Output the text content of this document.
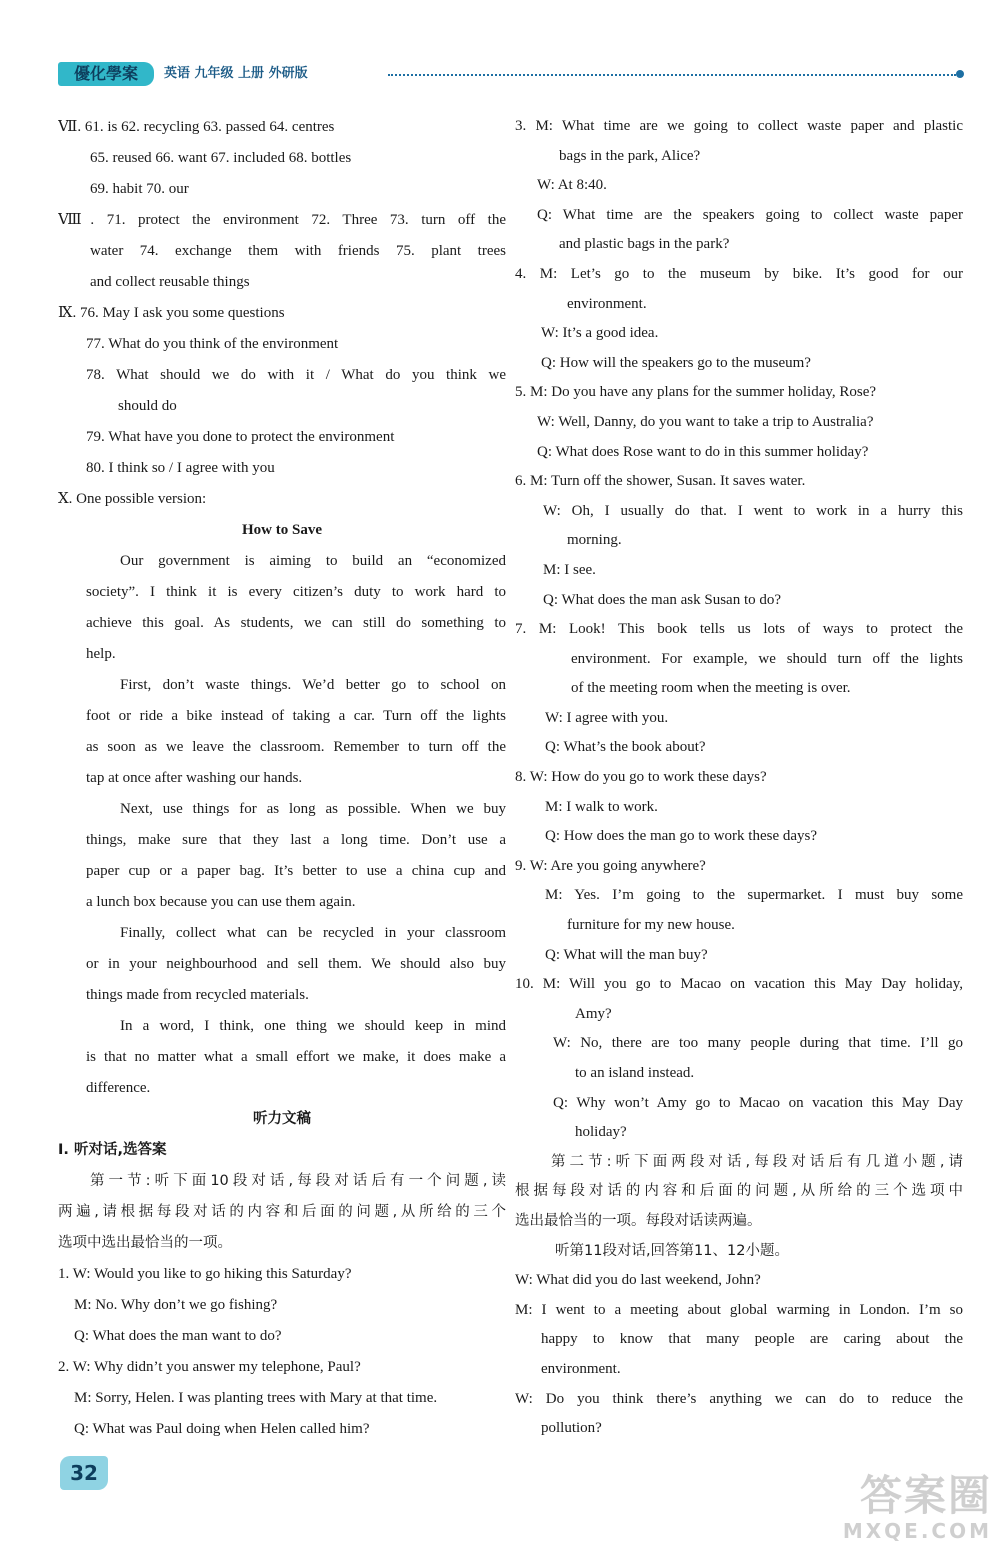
優化學案	英语 九年级 上册 外研版
Ⅶ. 61. is 62. recycling 63. passed 64. centres
65. reused 66. want 67. included 68. bottles
69. habit 70. our
Ⅷ. 71. protect the environment 72. Three 73. turn off the
water 74. exchange them with friends 75. plant trees
and collect reusable things
Ⅸ. 76. May I ask you some questions
77. What do you think of the environment
78. What should we do with it / What do you think we
should do
79. What have you done to protect the environment
80. I think so / I agree with you
Ⅹ. One possible version:
How to Save
Our government is aiming to build an “economized
society”. I think it is every citizen’s duty to work hard to
achieve this goal. As students, we can still do something to
help.
First, don’t waste things. We’d better go to school on
foot or ride a bike instead of taking a car. Turn off the lights
as soon as we leave the classroom. Remember to turn off the
tap at once after washing our hands.
Next, use things for as long as possible. When we buy
things, make sure that they last a long time. Don’t use a
paper cup or a paper bag. It’s better to use a china cup and
a lunch box because you can use them again.
Finally, collect what can be recycled in your classroom
or in your neighbourhood and sell them. We should also buy
things made from recycled materials.
In a word, I think, one thing we should keep in mind
is that no matter what a small effort we make, it does make a
difference.
听力文稿
Ⅰ. 听对话,选答案
第一节:听下面10段对话,每段对话后有一个问题,读
两遍,请根据每段对话的内容和后面的问题,从所给的三个
选项中选出最恰当的一项。
1. W: Would you like to go hiking this Saturday?
M: No. Why don’t we go fishing?
Q: What does the man want to do?
2. W: Why didn’t you answer my telephone, Paul?
M: Sorry, Helen. I was planting trees with Mary at that time.
Q: What was Paul doing when Helen called him?
3. M: What time are we going to collect waste paper and plastic
bags in the park, Alice?
W: At 8:40.
Q: What time are the speakers going to collect waste paper
and plastic bags in the park?
4. M: Let’s go to the museum by bike. It’s good for our
environment.
W: It’s a good idea.
Q: How will the speakers go to the museum?
5. M: Do you have any plans for the summer holiday, Rose?
W: Well, Danny, do you want to take a trip to Australia?
Q: What does Rose want to do in this summer holiday?
6. M: Turn off the shower, Susan. It saves water.
W: Oh, I usually do that. I went to work in a hurry this
morning.
M: I see.
Q: What does the man ask Susan to do?
7. M: Look! This book tells us lots of ways to protect the
environment. For example, we should turn off the lights
of the meeting room when the meeting is over.
W: I agree with you.
Q: What’s the book about?
8. W: How do you go to work these days?
M: I walk to work.
Q: How does the man go to work these days?
9. W: Are you going anywhere?
M: Yes. I’m going to the supermarket. I must buy some
furniture for my new house.
Q: What will the man buy?
10. M: Will you go to Macao on vacation this May Day holiday,
Amy?
W: No, there are too many people during that time. I’ll go
to an island instead.
Q: Why won’t Amy go to Macao on vacation this May Day
holiday?
第二节:听下面两段对话,每段对话后有几道小题,请
根据每段对话的内容和后面的问题,从所给的三个选项中
选出最恰当的一项。每段对话读两遍。
听第11段对话,回答第11、12小题。
W: What did you do last weekend, John?
M: I went to a meeting about global warming in London. I’m so
happy to know that many people are caring about the
environment.
W: Do you think there’s anything we can do to reduce the
pollution?
32	答案圈
MXQE.COM
